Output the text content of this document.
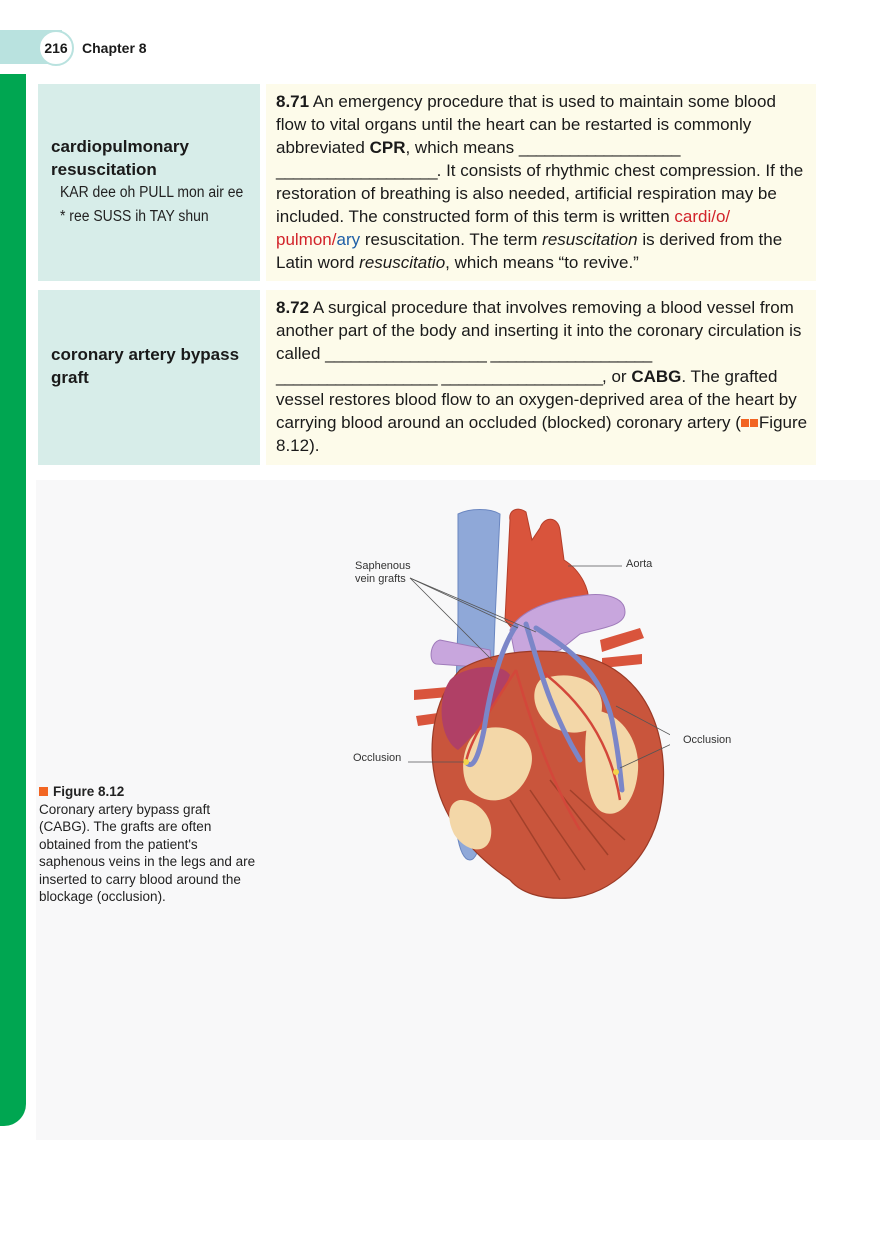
216	Chapter 8
cardiopulmonary resuscitation
KAR dee oh PULL mon air ee
* ree SUSS ih TAY shun
8.71 An emergency procedure that is used to maintain some blood flow to vital organs until the heart can be restarted is commonly abbreviated CPR, which means ___________________ ___________________. It consists of rhythmic chest compression. If the restoration of breathing is also needed, artificial respiration may be included. The constructed form of this term is written cardi/o/ pulmon/ary resuscitation. The term resuscitation is derived from the Latin word resuscitatio, which means “to revive.”
coronary artery bypass graft
8.72 A surgical procedure that involves removing a blood vessel from another part of the body and inserting it into the coronary circulation is called ___________________ ___________________ ___________________ ___________________, or CABG. The grafted vessel restores blood flow to an oxygen-deprived area of the heart by carrying blood around an occluded (blocked) coronary artery ( Figure 8.12).
Saphenous
vein grafts
Aorta
Occlusion
Occlusion
Figure 8.12
Coronary artery bypass graft (CABG). The grafts are often obtained from the patient's saphenous veins in the legs and are inserted to carry blood around the blockage (occlusion).
